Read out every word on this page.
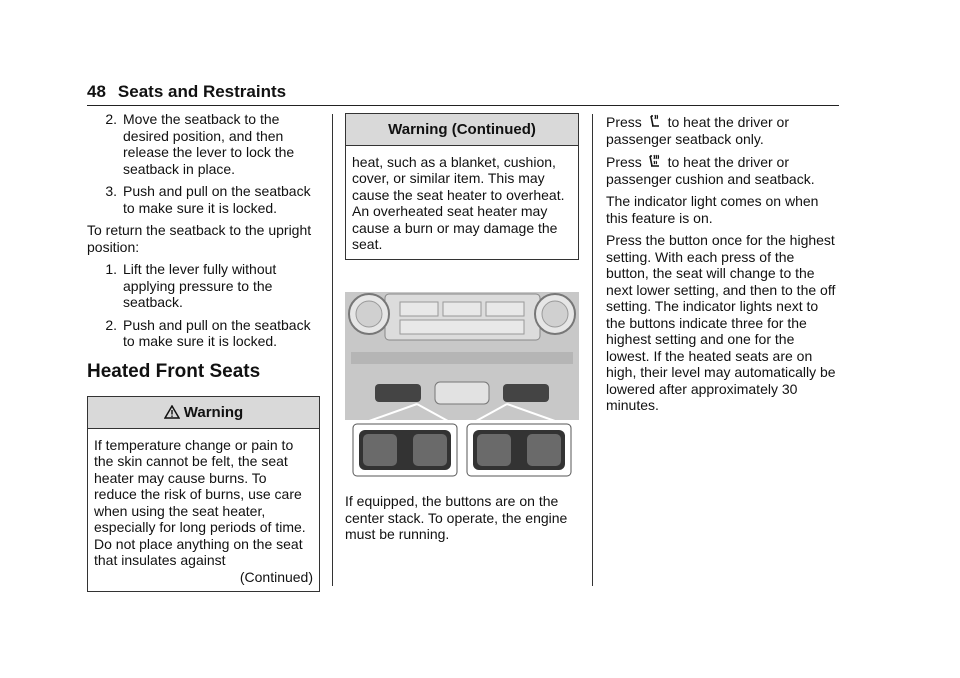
48 Seats and Restraints
2. Move the seatback to the desired position, and then release the lever to lock the seatback in place.
3. Push and pull on the seatback to make sure it is locked.
To return the seatback to the upright position:
1. Lift the lever fully without applying pressure to the seatback.
2. Push and pull on the seatback to make sure it is locked.
Heated Front Seats
Warning
If temperature change or pain to the skin cannot be felt, the seat heater may cause burns. To reduce the risk of burns, use care when using the seat heater, especially for long periods of time. Do not place anything on the seat that insulates against
(Continued)
Warning (Continued)
heat, such as a blanket, cushion, cover, or similar item. This may cause the seat heater to overheat. An overheated seat heater may cause a burn or may damage the seat.
If equipped, the buttons are on the center stack. To operate, the engine must be running.
Press to heat the driver or passenger seatback only.
Press to heat the driver or passenger cushion and seatback.
The indicator light comes on when this feature is on.
Press the button once for the highest setting. With each press of the button, the seat will change to the next lower setting, and then to the off setting. The indicator lights next to the buttons indicate three for the highest setting and one for the lowest. If the heated seats are on high, their level may automatically be lowered after approximately 30 minutes.
